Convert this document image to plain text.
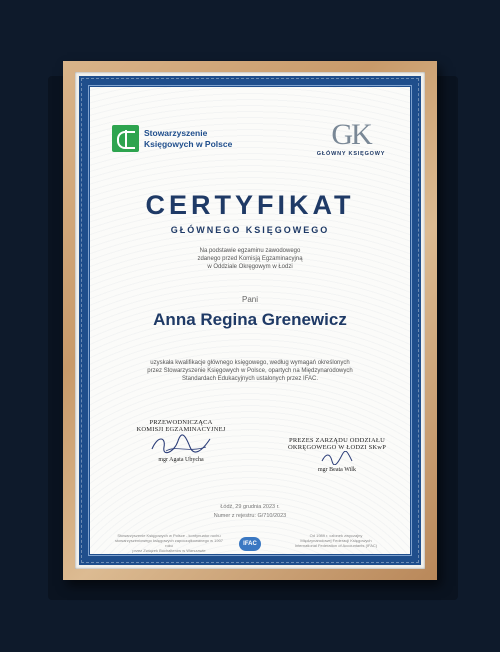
Stowarzyszenie
Księgowych w Polsce	GK
GŁÓWNY KSIĘGOWY
CERTYFIKAT
GŁÓWNEGO KSIĘGOWEGO
Na podstawie egzaminu zawodowego
zdanego przed Komisją Egzaminacyjną
w Oddziale Okręgowym w Łodzi
Pani
Anna Regina Grenewicz
uzyskała kwalifikacje głównego księgowego, według wymagań określonych
przez Stowarzyszenie Księgowych w Polsce, opartych na Międzynarodowych
Standardach Edukacyjnych ustalonych przez IFAC.
PRZEWODNICZĄCA
KOMISJI EGZAMINACYJNEJ
mgr Agata Ubycha
PREZES ZARZĄDU ODDZIAŁU
OKRĘGOWEGO W ŁODZI SKwP
mgr Beata Wilk
Łódź, 29 grudnia 2023 r.
Numer z rejestru: G/710/2023
Stowarzyszenie Księgowych w Polsce - kontynuator ruchu
stowarzyszeniowego księgowych zapoczątkowanego w 1907 roku
przez Związek Buchalterów w Warszawie
IFAC
Od 1989 r. członek zwyczajny
Międzynarodowej Federacji Księgowych
International Federation of Accountants (IFAC)
